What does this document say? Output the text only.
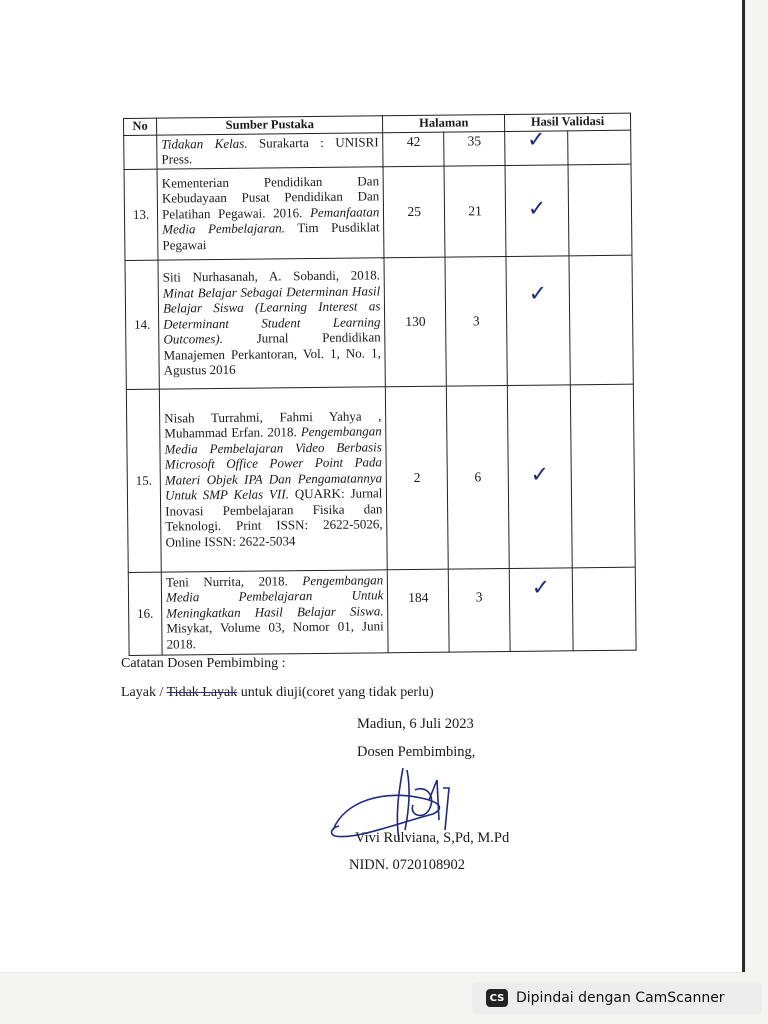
No	Sumber Pustaka	Halaman		Hasil Validasi	
	Tidakan Kelas. Surakarta : UNISRI Press.	42	35	✓	
13.	Kementerian Pendidikan Dan Kebudayaan Pusat Pendidikan Dan Pelatihan Pegawai. 2016. Pemanfaatan Media Pembelajaran. Tim Pusdiklat Pegawai	25	21	✓	
14.	Siti Nurhasanah, A. Sobandi, 2018. Minat Belajar Sebagai Determinan Hasil Belajar Siswa (Learning Interest as Determinant Student Learning Outcomes). Jurnal Pendidikan Manajemen Perkantoran, Vol. 1, No. 1, Agustus 2016	130	3	✓	
15.	Nisah Turrahmi, Fahmi Yahya , Muhammad Erfan. 2018. Pengembangan Media Pembelajaran Video Berbasis Microsoft Office Power Point Pada Materi Objek IPA Dan Pengamatannya Untuk SMP Kelas VII. QUARK: Jurnal Inovasi Pembelajaran Fisika dan Teknologi. Print ISSN: 2622-5026, Online ISSN: 2622-5034	2	6	✓	
16.	Teni Nurrita, 2018. Pengembangan Media Pembelajaran Untuk Meningkatkan Hasil Belajar Siswa. Misykat, Volume 03, Nomor 01, Juni 2018.	184	3	✓	
Catatan Dosen Pembimbing :
Layak / Tidak Layak untuk diuji(coret yang tidak perlu)
Madiun, 6 Juli 2023
Dosen Pembimbing,
Vivi Rulviana, S,Pd, M.Pd
NIDN. 0720108902
CS Dipindai dengan CamScanner
